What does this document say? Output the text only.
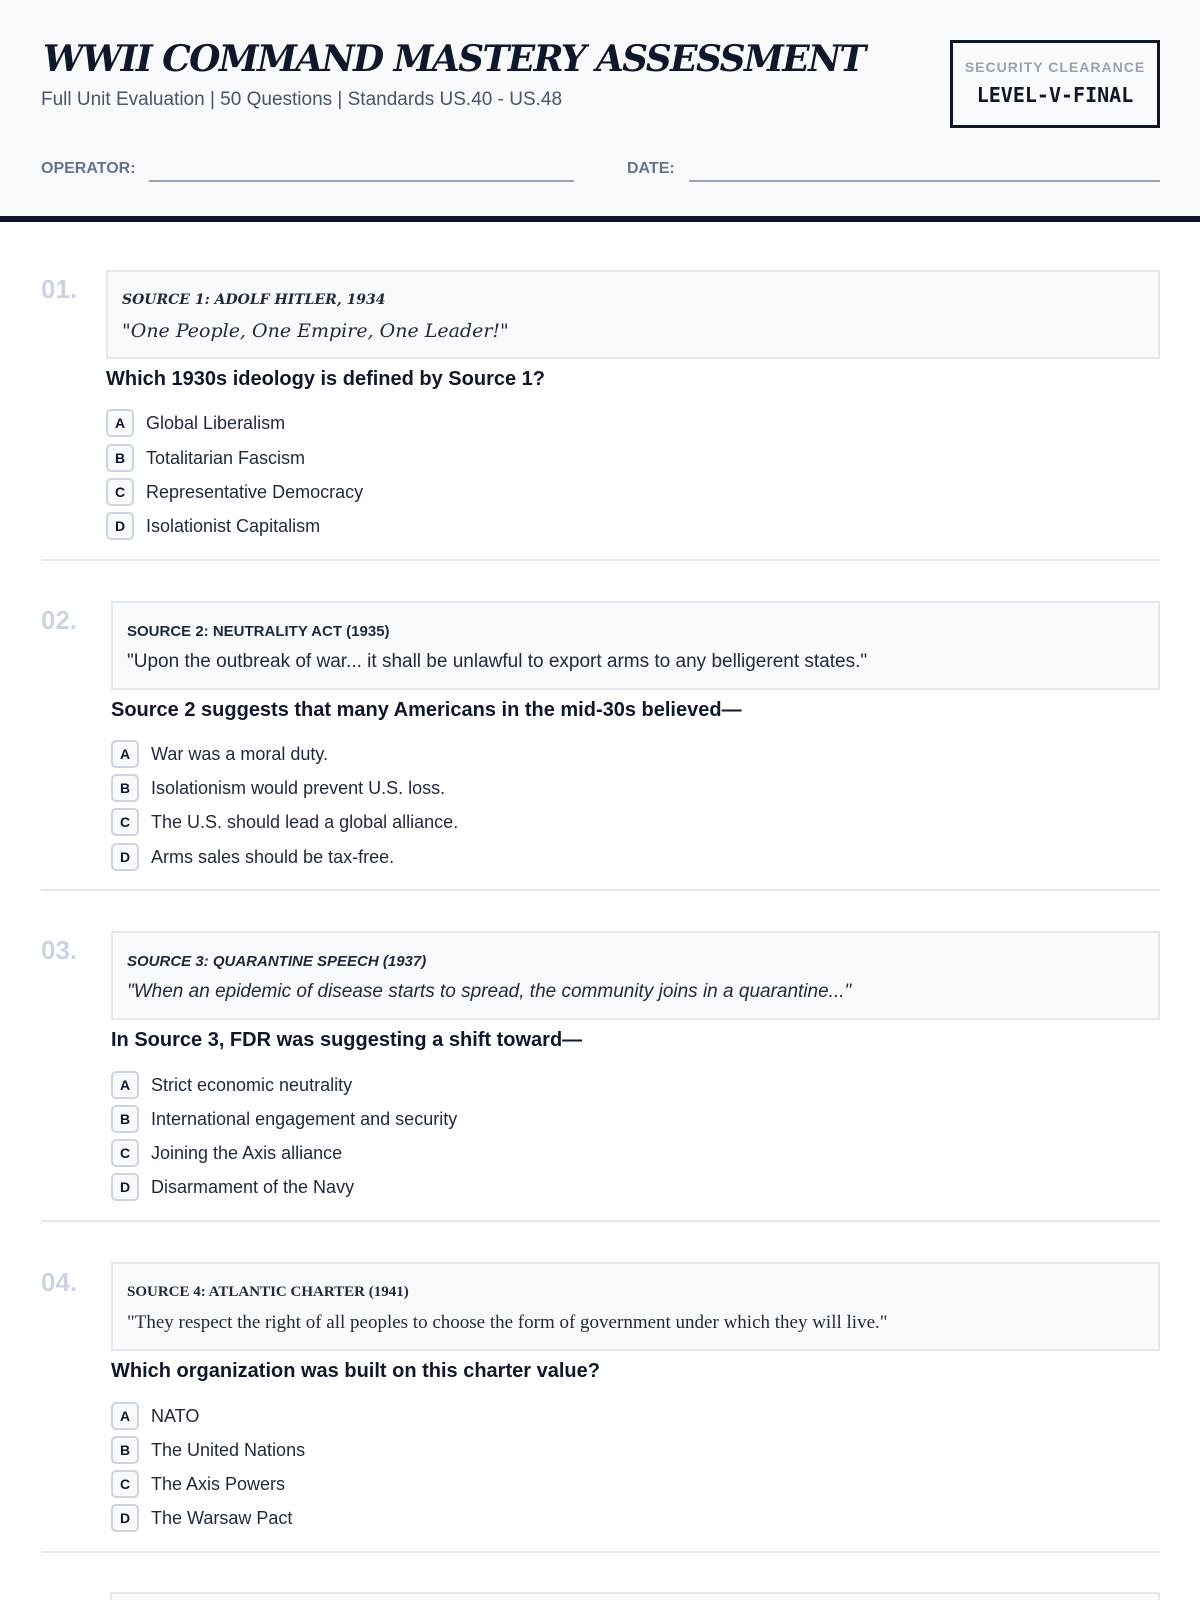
WWII COMMAND MASTERY ASSESSMENT
Full Unit Evaluation | 50 Questions | Standards US.40 - US.48
SECURITY CLEARANCE
LEVEL-V-FINAL
OPERATOR:	DATE:
01.	SOURCE 1: ADOLF HITLER, 1934
"One People, One Empire, One Leader!"
Which 1930s ideology is defined by Source 1?
A	Global Liberalism
B	Totalitarian Fascism
C	Representative Democracy
D	Isolationist Capitalism
02.	SOURCE 2: NEUTRALITY ACT (1935)
"Upon the outbreak of war... it shall be unlawful to export arms to any belligerent states."
Source 2 suggests that many Americans in the mid-30s believed—
A	War was a moral duty.
B	Isolationism would prevent U.S. loss.
C	The U.S. should lead a global alliance.
D	Arms sales should be tax-free.
03.	SOURCE 3: QUARANTINE SPEECH (1937)
"When an epidemic of disease starts to spread, the community joins in a quarantine..."
In Source 3, FDR was suggesting a shift toward—
A	Strict economic neutrality
B	International engagement and security
C	Joining the Axis alliance
D	Disarmament of the Navy
04.	SOURCE 4: ATLANTIC CHARTER (1941)
"They respect the right of all peoples to choose the form of government under which they will live."
Which organization was built on this charter value?
A	NATO
B	The United Nations
C	The Axis Powers
D	The Warsaw Pact
